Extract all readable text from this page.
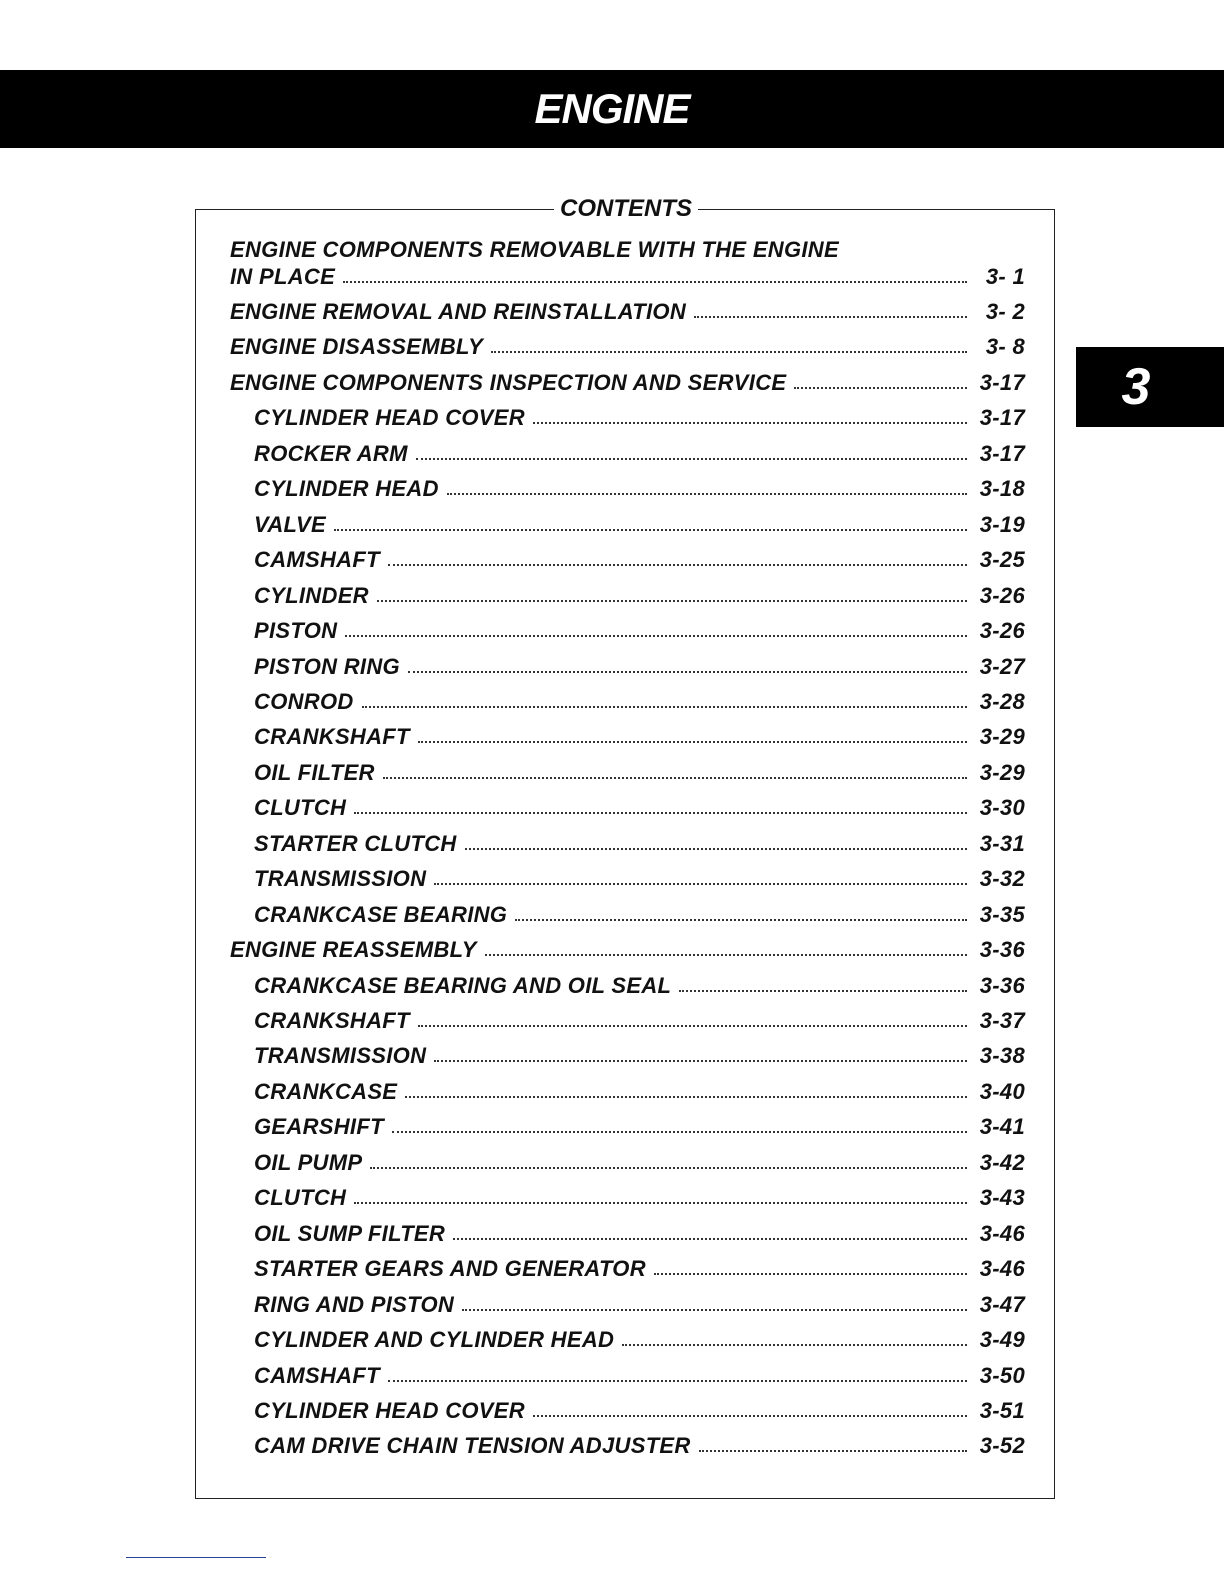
ENGINE
3
CONTENTS
ENGINE COMPONENTS REMOVABLE WITH THE ENGINE
IN PLACE	3- 1
ENGINE REMOVAL AND REINSTALLATION	3- 2
ENGINE DISASSEMBLY	3- 8
ENGINE COMPONENTS INSPECTION AND SERVICE	3-17
CYLINDER HEAD COVER	3-17
ROCKER ARM	3-17
CYLINDER HEAD	3-18
VALVE	3-19
CAMSHAFT	3-25
CYLINDER	3-26
PISTON	3-26
PISTON RING	3-27
CONROD	3-28
CRANKSHAFT	3-29
OIL FILTER	3-29
CLUTCH	3-30
STARTER CLUTCH	3-31
TRANSMISSION	3-32
CRANKCASE BEARING	3-35
ENGINE REASSEMBLY	3-36
CRANKCASE BEARING AND OIL SEAL	3-36
CRANKSHAFT	3-37
TRANSMISSION	3-38
CRANKCASE	3-40
GEARSHIFT	3-41
OIL PUMP	3-42
CLUTCH	3-43
OIL SUMP FILTER	3-46
STARTER GEARS AND GENERATOR	3-46
RING AND PISTON	3-47
CYLINDER AND CYLINDER HEAD	3-49
CAMSHAFT	3-50
CYLINDER HEAD COVER	3-51
CAM DRIVE CHAIN TENSION ADJUSTER	3-52
